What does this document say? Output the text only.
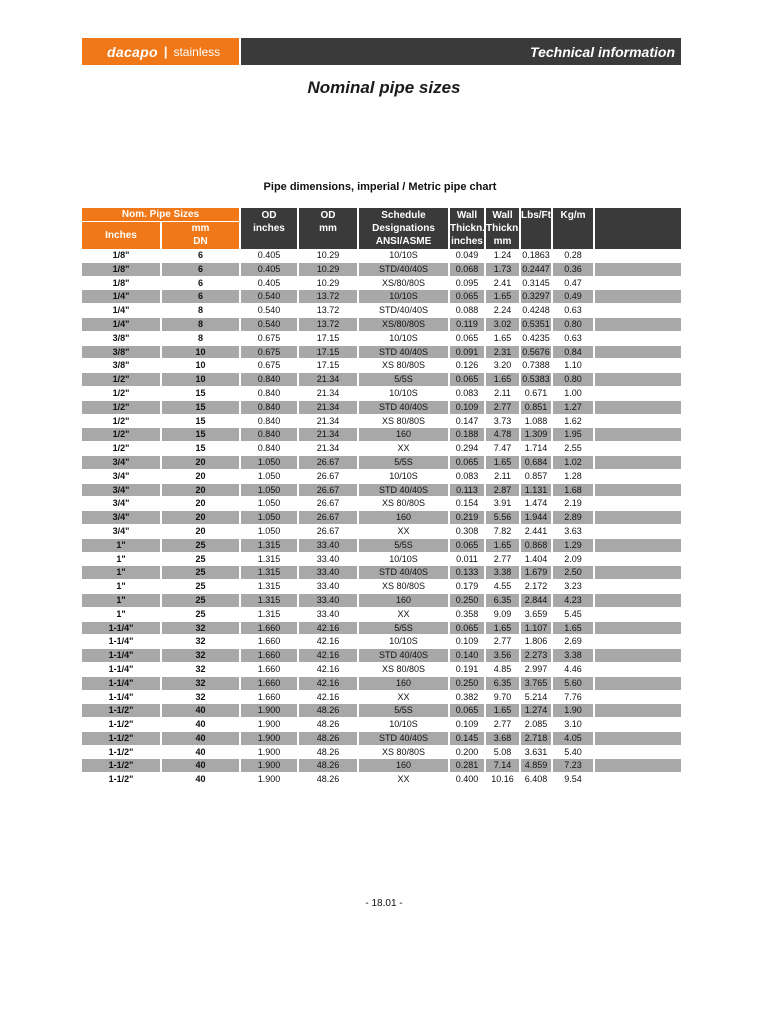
dacapo | stainless	Technical information
Nominal pipe sizes
Pipe dimensions, imperial / Metric pipe chart
Nom. Pipe Sizes
Inches
mm
DN
OD
inches
OD
mm
Schedule
Designations
ANSI/ASME
Wall
Thickn.
inches
Wall
Thickn.
mm
Lbs/Ft Kg/m
1/8"	6	0.405	10.29	10/10S	0.049	1.24	0.1863	0.28
1/8"	6	0.405	10.29	STD/40/40S	0.068	1.73	0.2447	0.36
1/8"	6	0.405	10.29	XS/80/80S	0.095	2.41	0.3145	0.47
1/4"	6	0.540	13.72	10/10S	0.065	1.65	0.3297	0.49
1/4"	8	0.540	13.72	STD/40/40S	0.088	2.24	0.4248	0.63
1/4"	8	0.540	13.72	XS/80/80S	0.119	3.02	0.5351	0.80
3/8"	8	0.675	17.15	10/10S	0.065	1.65	0.4235	0.63
3/8"	10	0.675	17.15	STD 40/40S	0.091	2.31	0.5676	0.84
3/8"	10	0.675	17.15	XS 80/80S	0.126	3.20	0.7388	1.10
1/2"	10	0.840	21.34	5/5S	0.065	1.65	0.5383	0.80
1/2"	15	0.840	21.34	10/10S	0.083	2.11	0.671	1.00
1/2"	15	0.840	21.34	STD 40/40S	0.109	2.77	0.851	1.27
1/2"	15	0.840	21.34	XS 80/80S	0.147	3.73	1.088	1.62
1/2"	15	0.840	21.34	160	0.188	4.78	1.309	1.95
1/2"	15	0.840	21.34	XX	0.294	7.47	1.714	2.55
3/4"	20	1.050	26.67	5/5S	0.065	1.65	0.684	1.02
3/4"	20	1.050	26.67	10/10S	0.083	2.11	0.857	1.28
3/4"	20	1.050	26.67	STD 40/40S	0.113	2.87	1.131	1.68
3/4"	20	1.050	26.67	XS 80/80S	0.154	3.91	1.474	2.19
3/4"	20	1.050	26.67	160	0.219	5.56	1.944	2.89
3/4"	20	1.050	26.67	XX	0.308	7.82	2.441	3.63
1"	25	1.315	33.40	5/5S	0.065	1.65	0.868	1.29
1"	25	1.315	33.40	10/10S	0.011	2.77	1.404	2.09
1"	25	1.315	33.40	STD 40/40S	0.133	3.38	1.679	2.50
1"	25	1.315	33.40	XS 80/80S	0.179	4.55	2.172	3.23
1"	25	1.315	33.40	160	0.250	6.35	2.844	4.23
1"	25	1.315	33.40	XX	0.358	9.09	3.659	5.45
1-1/4"	32	1.660	42.16	5/5S	0.065	1.65	1.107	1.65
1-1/4"	32	1.660	42.16	10/10S	0.109	2.77	1.806	2.69
1-1/4"	32	1.660	42.16	STD 40/40S	0.140	3.56	2.273	3.38
1-1/4"	32	1.660	42.16	XS 80/80S	0.191	4.85	2.997	4.46
1-1/4"	32	1.660	42.16	160	0.250	6.35	3.765	5.60
1-1/4"	32	1.660	42.16	XX	0.382	9.70	5.214	7.76
1-1/2"	40	1.900	48.26	5/5S	0.065	1.65	1.274	1.90
1-1/2"	40	1.900	48.26	10/10S	0.109	2.77	2.085	3.10
1-1/2"	40	1.900	48.26	STD 40/40S	0.145	3.68	2.718	4.05
1-1/2"	40	1.900	48.26	XS 80/80S	0.200	5.08	3.631	5.40
1-1/2"	40	1.900	48.26	160	0.281	7.14	4.859	7.23
1-1/2"	40	1.900	48.26	XX	0.400	10.16	6.408	9.54
- 18.01 -
